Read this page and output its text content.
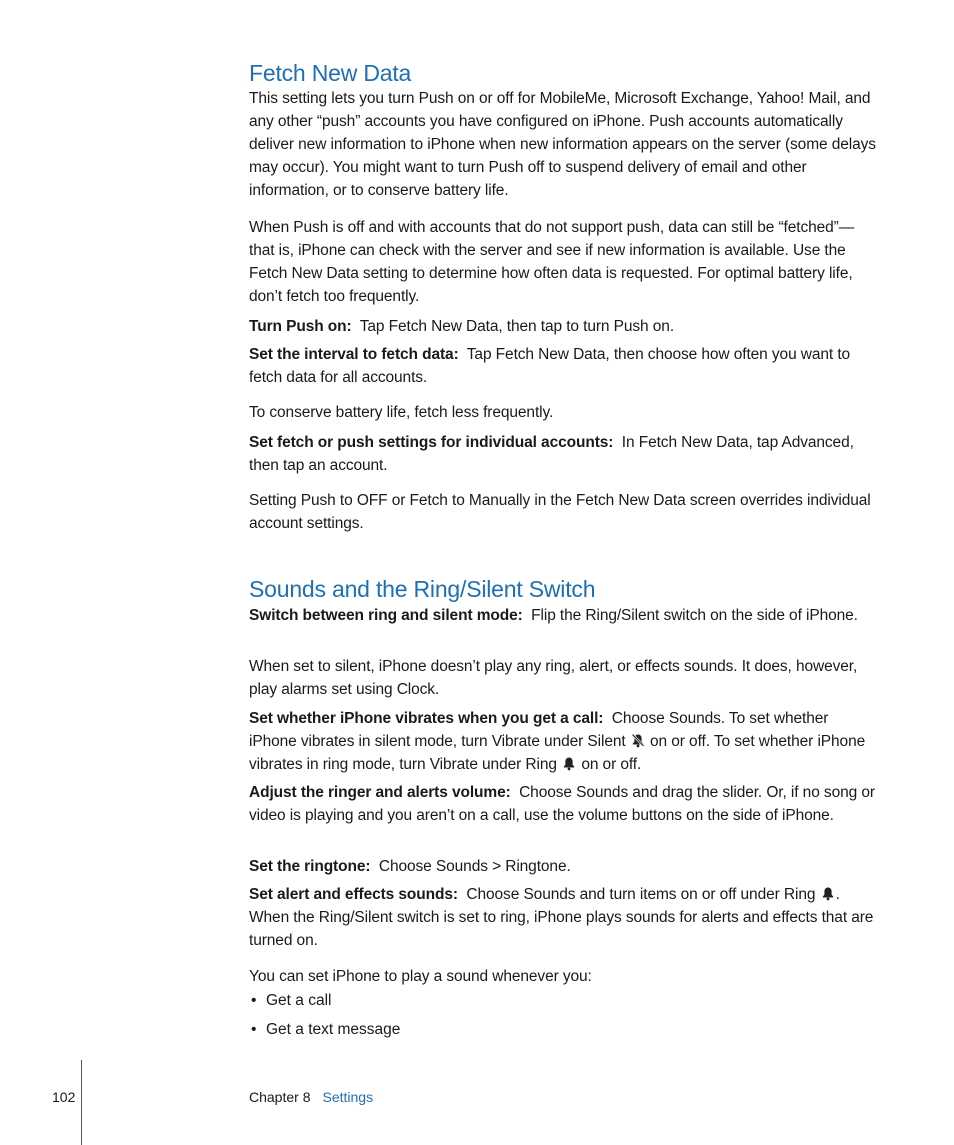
Fetch New Data

This setting lets you turn Push on or off for MobileMe, Microsoft Exchange, Yahoo! Mail, and any other “push” accounts you have configured on iPhone. Push accounts automatically deliver new information to iPhone when new information appears on the server (some delays may occur). You might want to turn Push off to suspend delivery of email and other information, or to conserve battery life.

When Push is off and with accounts that do not support push, data can still be “fetched”—that is, iPhone can check with the server and see if new information is available. Use the Fetch New Data setting to determine how often data is requested. For optimal battery life, don’t fetch too frequently.

Turn Push on: Tap Fetch New Data, then tap to turn Push on.

Set the interval to fetch data: Tap Fetch New Data, then choose how often you want to fetch data for all accounts.

To conserve battery life, fetch less frequently.

Set fetch or push settings for individual accounts: In Fetch New Data, tap Advanced, then tap an account.

Setting Push to OFF or Fetch to Manually in the Fetch New Data screen overrides individual account settings.

Sounds and the Ring/Silent Switch

Switch between ring and silent mode: Flip the Ring/Silent switch on the side of iPhone.

When set to silent, iPhone doesn’t play any ring, alert, or effects sounds. It does, however, play alarms set using Clock.

Set whether iPhone vibrates when you get a call: Choose Sounds. To set whether iPhone vibrates in silent mode, turn Vibrate under Silent on or off. To set whether iPhone vibrates in ring mode, turn Vibrate under Ring on or off.

Adjust the ringer and alerts volume: Choose Sounds and drag the slider. Or, if no song or video is playing and you aren’t on a call, use the volume buttons on the side of iPhone.

Set the ringtone: Choose Sounds > Ringtone.

Set alert and effects sounds: Choose Sounds and turn items on or off under Ring . When the Ring/Silent switch is set to ring, iPhone plays sounds for alerts and effects that are turned on.

You can set iPhone to play a sound whenever you:

• Get a call
• Get a text message
102	Chapter 8 Settings
